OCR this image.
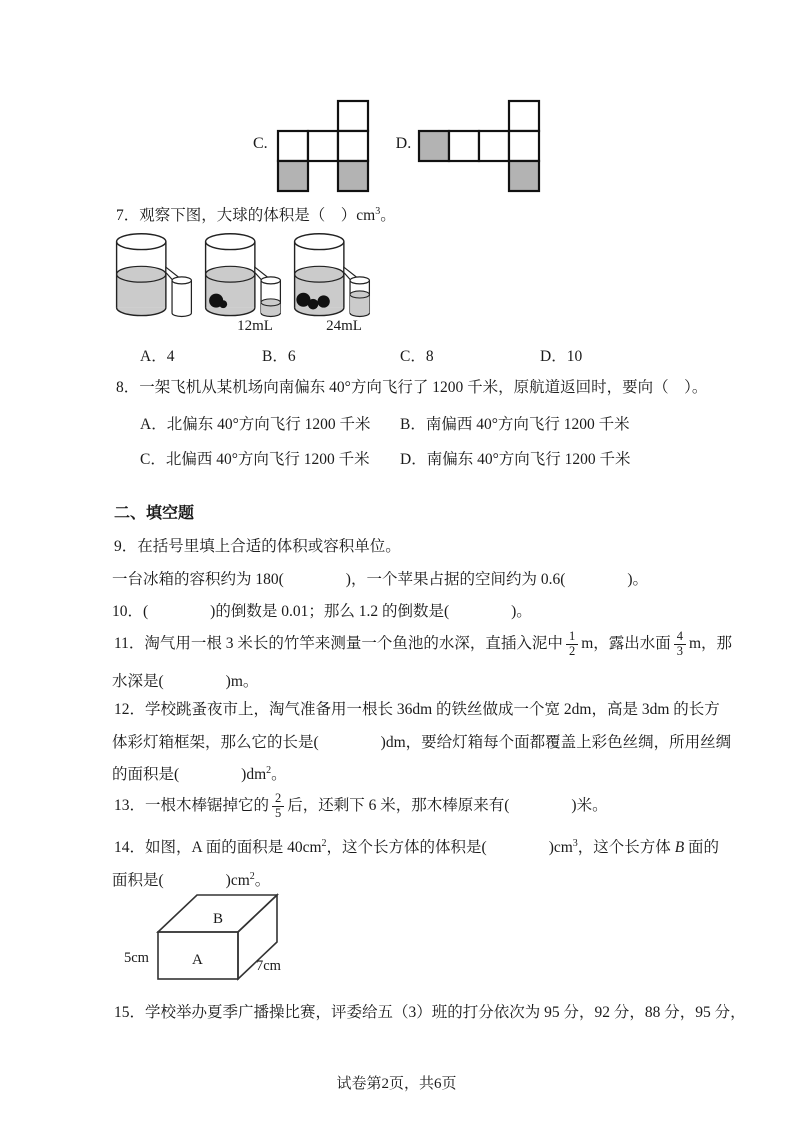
C.	D.
7．观察下图，大球的体积是（　）$cm^3$。
12mL	24mL
A．4	B．6	C．8	D．10
8．一架飞机从某机场向南偏东 40°方向飞行了 1200 千米，原航道返回时，要向（　）。
A．北偏东 40°方向飞行 1200 千米 B．南偏西 40°方向飞行 1200 千米
C．北偏西 40°方向飞行 1200 千米 D．南偏东 40°方向飞行 1200 千米
二、填空题
9．在括号里填上合适的体积或容积单位。
一台冰箱的容积约为 180(　　　　)，一个苹果占据的空间约为 0.6(　　　　)。
10．(　　　　)的倒数是 0.01；那么 1.2 的倒数是(　　　　)。
11．淘气用一根 3 米长的竹竿来测量一个鱼池的水深，直插入泥中 $\frac{1}{2}$ m，露出水面 $\frac{4}{3}$ m，那
水深是(　　　　)m。
12．学校跳蚤夜市上，淘气准备用一根长 36dm 的铁丝做成一个宽 2dm，高是 3dm 的长方
体彩灯箱框架，那么它的长是(　　　　)dm，要给灯箱每个面都覆盖上彩色丝绸，所用丝绸
的面积是(　　　　)$dm^2$。
13．一根木棒锯掉它的 $\frac{2}{5}$ 后，还剩下 6 米，那木棒原来有(　　　　)米。
14．如图，A 面的面积是 $40cm^2$，这个长方体的体积是(　　　　)$cm^3$，这个长方体 B 面的
面积是(　　　　)$cm^2$。
B
A
5cm	7cm
15．学校举办夏季广播操比赛，评委给五（3）班的打分依次为 95 分，92 分，88 分，95 分，
试卷第2页，共6页
